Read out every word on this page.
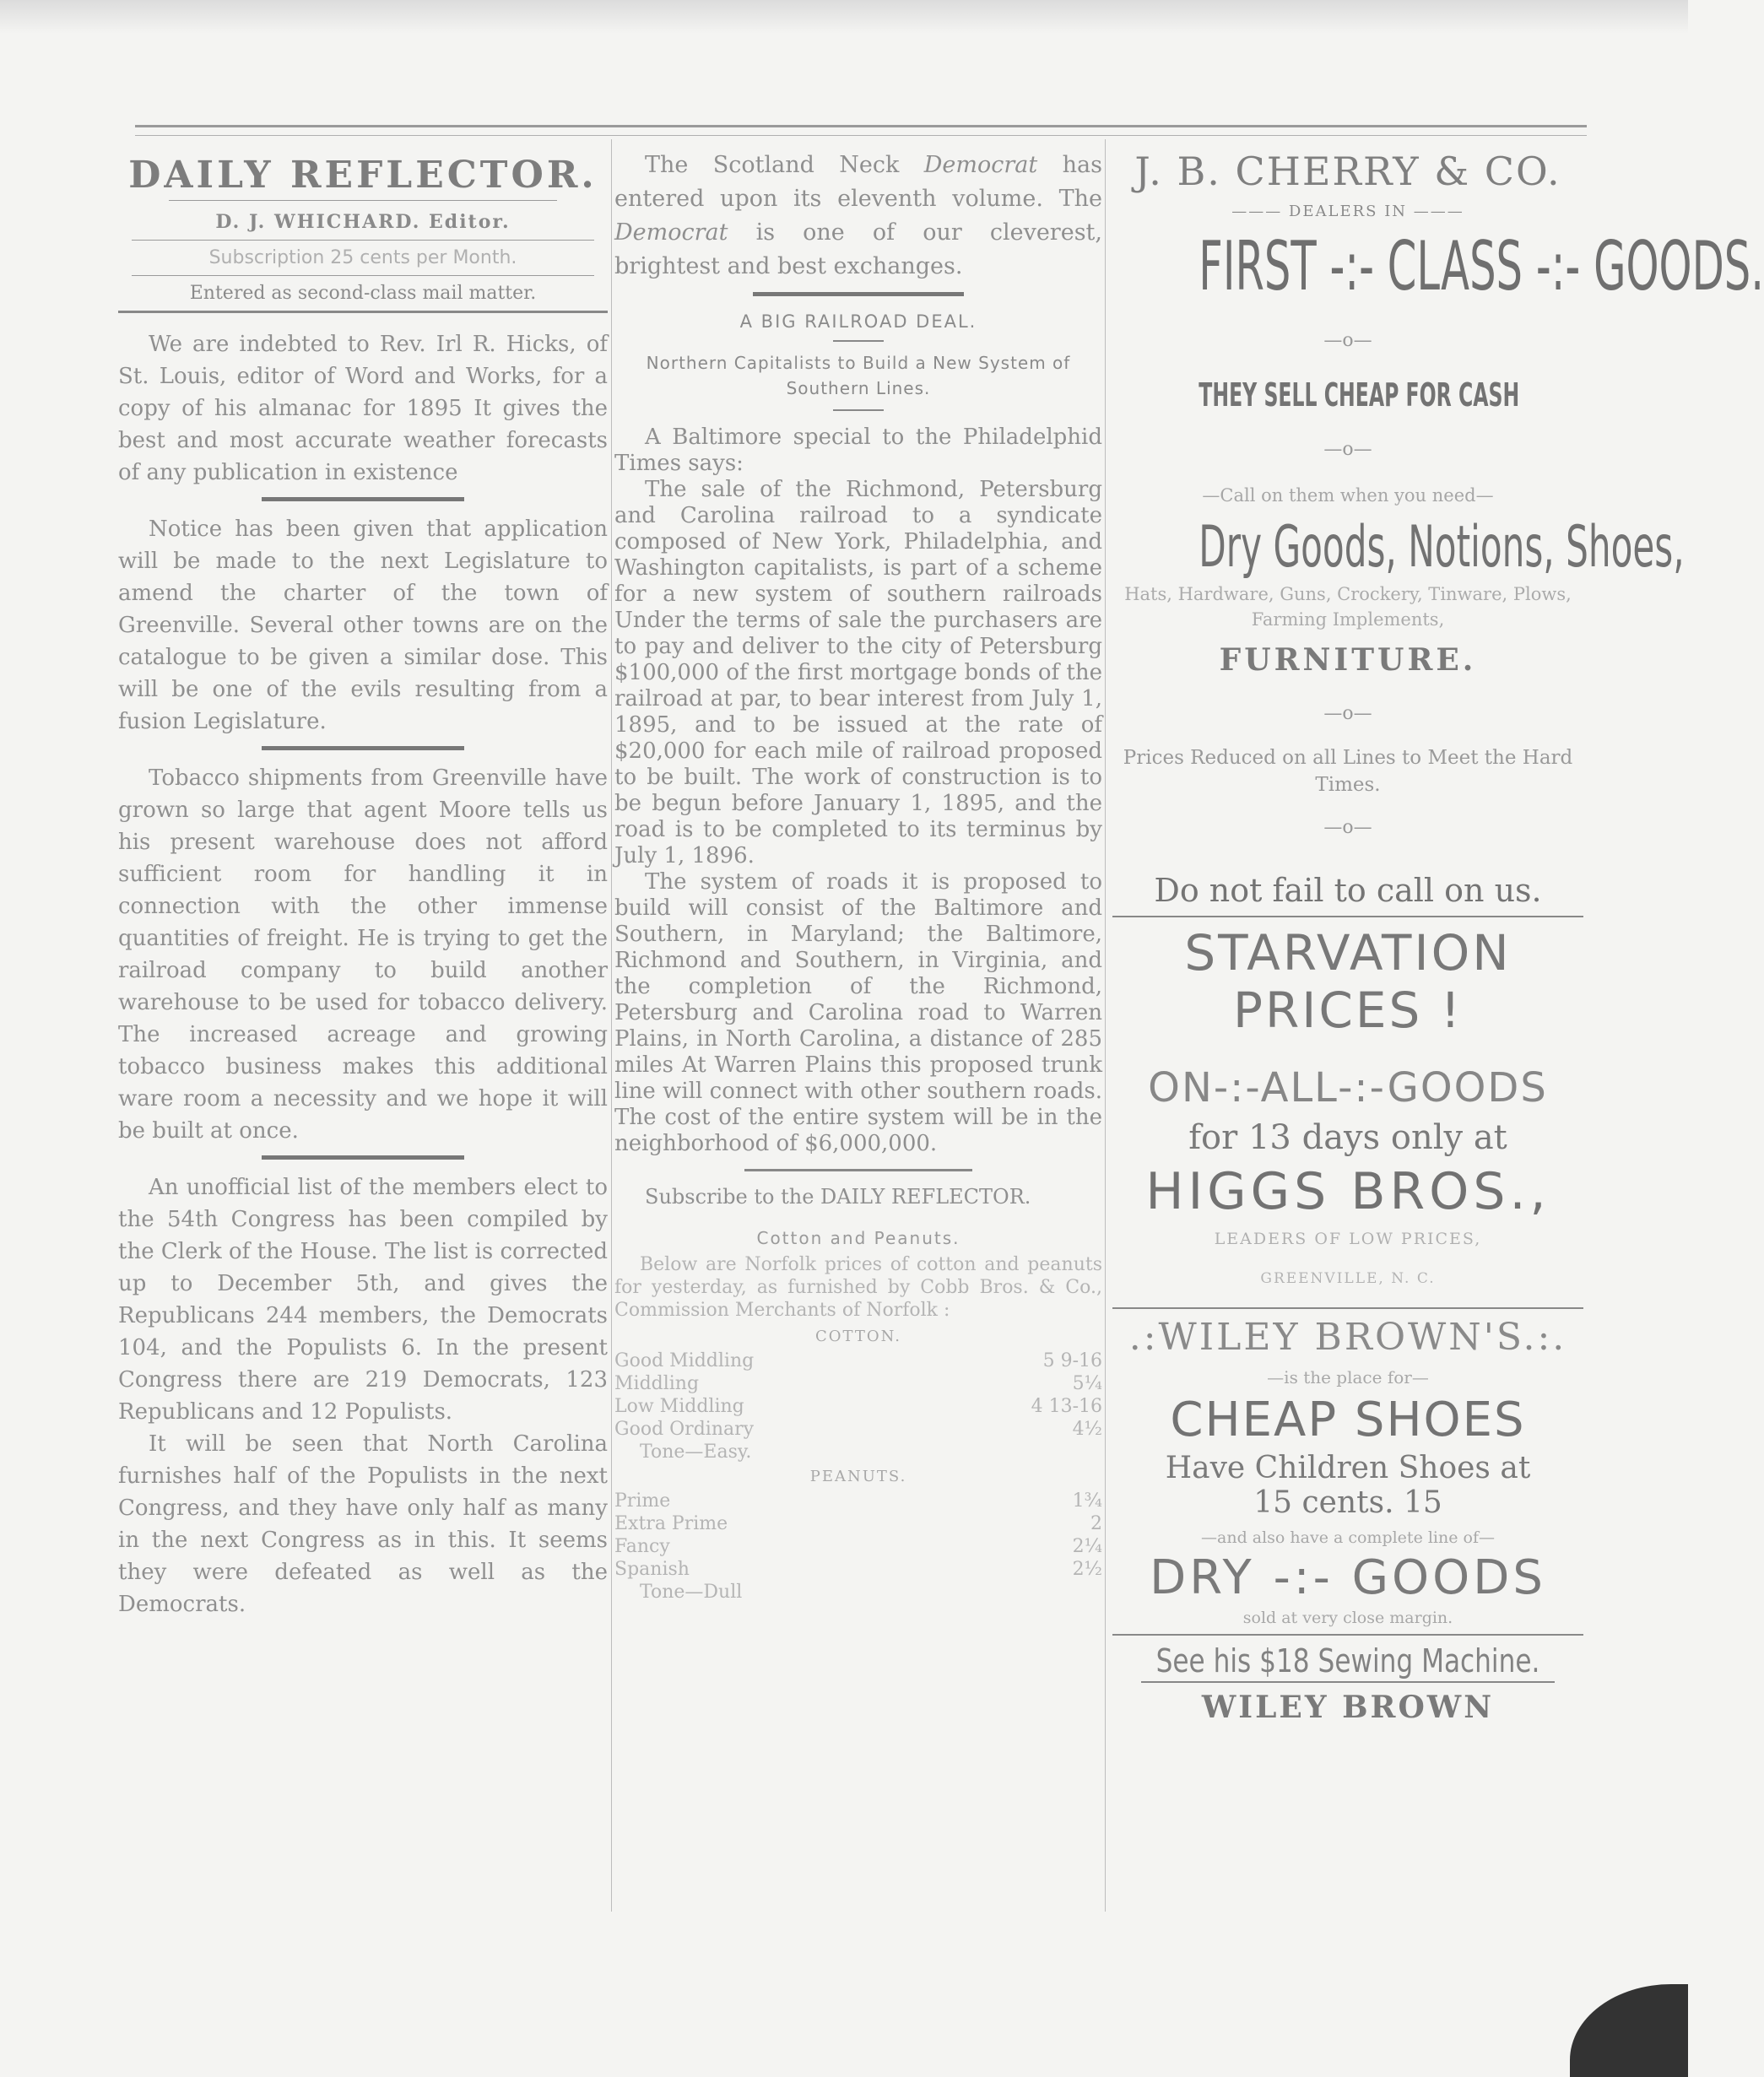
DAILY REFLECTOR.
D. J. WHICHARD. Editor.
Subscription 25 cents per Month.
Entered as second-class mail matter.

We are indebted to Rev. Irl R. Hicks, of St. Louis, editor of Word and Works, for a copy of his almanac for 1895 It gives the best and most accurate weather forecasts of any publication in existence

Notice has been given that application will be made to the next Legislature to amend the charter of the town of Greenville. Several other towns are on the catalogue to be given a similar dose. This will be one of the evils resulting from a fusion Legislature.

Tobacco shipments from Greenville have grown so large that agent Moore tells us his present warehouse does not afford sufficient room for handling it in connection with the other immense quantities of freight. He is trying to get the railroad company to build another warehouse to be used for tobacco delivery. The increased acreage and growing tobacco business makes this additional ware room a necessity and we hope it will be built at once.

An unofficial list of the members elect to the 54th Congress has been compiled by the Clerk of the House. The list is corrected up to December 5th, and gives the Republicans 244 members, the Democrats 104, and the Populists 6. In the present Congress there are 219 Democrats, 123 Republicans and 12 Populists.

It will be seen that North Carolina furnishes half of the Populists in the next Congress, and they have only half as many in the next Congress as in this. It seems they were defeated as well as the Democrats.

The Scotland Neck Democrat has entered upon its eleventh volume. The Democrat is one of our cleverest, brightest and best exchanges.

A BIG RAILROAD DEAL.
Northern Capitalists to Build a New System of Southern Lines.

A Baltimore special to the Philadelphid Times says:

The sale of the Richmond, Petersburg and Carolina railroad to a syndicate composed of New York, Philadelphia, and Washington capitalists, is part of a scheme for a new system of southern railroads Under the terms of sale the purchasers are to pay and deliver to the city of Petersburg $100,000 of the first mortgage bonds of the railroad at par, to bear interest from July 1, 1895, and to be issued at the rate of $20,000 for each mile of railroad proposed to be built. The work of construction is to be begun before January 1, 1895, and the road is to be completed to its terminus by July 1, 1896.

The system of roads it is proposed to build will consist of the Baltimore and Southern, in Maryland; the Baltimore, Richmond and Southern, in Virginia, and the completion of the Richmond, Petersburg and Carolina road to Warren Plains, in North Carolina, a distance of 285 miles At Warren Plains this proposed trunk line will connect with other southern roads. The cost of the entire system will be in the neighborhood of $6,000,000.

Subscribe to the DAILY REFLECTOR.

Cotton and Peanuts.

Below are Norfolk prices of cotton and peanuts for yesterday, as furnished by Cobb Bros. & Co., Commission Merchants of Norfolk :

COTTON.
Good Middling	5 9-16
Middling	5¼
Low Middling	4 13-16
Good Ordinary	4½
Tone—Easy.
PEANUTS.
Prime	1¾
Extra Prime	2
Fancy	2¼
Spanish	2½
Tone—Dull
J. B. CHERRY & CO.
——— DEALERS IN ———
FIRST -:- CLASS -:- GOODS.
—o—
THEY SELL CHEAP FOR CASH
—o—
—Call on them when you need—
Dry Goods, Notions, Shoes,
Hats, Hardware, Guns, Crockery, Tinware, Plows, Farming Implements,
FURNITURE.
—o—
Prices Reduced on all Lines to Meet the Hard Times.
—o—
Do not fail to call on us.
STARVATION
PRICES !
ON-:-ALL-:-GOODS
for 13 days only at
HIGGS BROS.,
LEADERS OF LOW PRICES,
GREENVILLE, N. C.
.:WILEY BROWN'S.:.
—is the place for—
CHEAP SHOES
Have Children Shoes at
15 cents. 15
—and also have a complete line of—
DRY -:- GOODS
sold at very close margin.
See his $18 Sewing Machine.
WILEY BROWN
